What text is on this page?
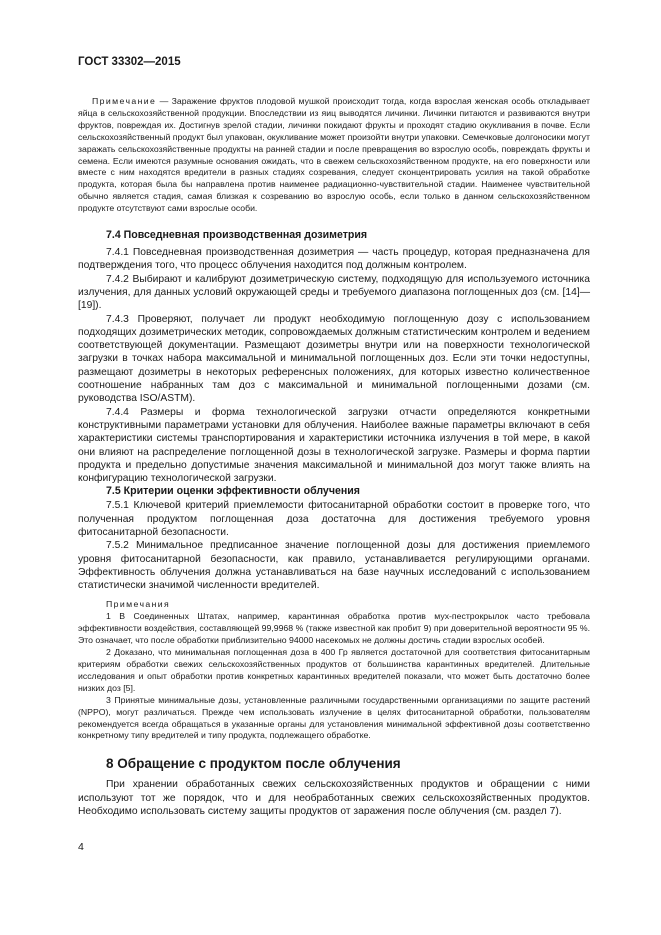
ГОСТ 33302—2015

Примечание — Заражение фруктов плодовой мушкой происходит тогда, когда взрослая женская особь откладывает яйца в сельскохозяйственной продукции. Впоследствии из яиц выводятся личинки. Личинки питаются и развиваются внутри фруктов, повреждая их. Достигнув зрелой стадии, личинки покидают фрукты и проходят стадию окукливания в почве. Если сельскохозяйственный продукт был упакован, окукливание может произойти внутри упаковки. Семечковые долгоносики могут заражать сельскохозяйственные продукты на ранней стадии и после превращения во взрослую особь, повреждать фрукты и семена. Если имеются разумные основания ожидать, что в свежем сельскохозяйственном продукте, на его поверхности или вместе с ним находятся вредители в разных стадиях созревания, следует сконцентрировать усилия на такой обработке продукта, которая была бы направлена против наименее радиационно-чувствительной стадии. Наименее чувствительной обычно является стадия, самая близкая к созреванию во взрослую особь, если только в данном сельскохозяйственном продукте отсутствуют сами взрослые особи.

7.4 Повседневная производственная дозиметрия

7.4.1 Повседневная производственная дозиметрия — часть процедур, которая предназначена для подтверждения того, что процесс облучения находится под должным контролем.

7.4.2 Выбирают и калибруют дозиметрическую систему, подходящую для используемого источника излучения, для данных условий окружающей среды и требуемого диапазона поглощенных доз (см. [14]—[19]).

7.4.3 Проверяют, получает ли продукт необходимую поглощенную дозу с использованием подходящих дозиметрических методик, сопровождаемых должным статистическим контролем и ведением соответствующей документации. Размещают дозиметры внутри или на поверхности технологической загрузки в точках набора максимальной и минимальной поглощенных доз. Если эти точки недоступны, размещают дозиметры в некоторых референсных положениях, для которых известно количественное соотношение набранных там доз с максимальной и минимальной поглощенными дозами (см. руководства ISO/ASTM).

7.4.4 Размеры и форма технологической загрузки отчасти определяются конкретными конструктивными параметрами установки для облучения. Наиболее важные параметры включают в себя характеристики системы транспортирования и характеристики источника излучения в той мере, в какой они влияют на распределение поглощенной дозы в технологической загрузке. Размеры и форма партии продукта и предельно допустимые значения максимальной и минимальной доз могут также влиять на конфигурацию технологической загрузки.

7.5 Критерии оценки эффективности облучения

7.5.1 Ключевой критерий приемлемости фитосанитарной обработки состоит в проверке того, что полученная продуктом поглощенная доза достаточна для достижения требуемого уровня фитосанитарной безопасности.

7.5.2 Минимальное предписанное значение поглощенной дозы для достижения приемлемого уровня фитосанитарной безопасности, как правило, устанавливается регулирующими органами. Эффективность облучения должна устанавливаться на базе научных исследований с использованием статистически значимой численности вредителей.

Примечания

1 В Соединенных Штатах, например, карантинная обработка против мух-пестрокрылок часто требовала эффективности воздействия, составляющей 99,9968 % (также известной как пробит 9) при доверительной вероятности 95 %. Это означает, что после обработки приблизительно 94000 насекомых не должны достичь стадии взрослых особей.

2 Доказано, что минимальная поглощенная доза в 400 Гр является достаточной для соответствия фитосанитарным критериям обработки свежих сельскохозяйственных продуктов от большинства карантинных вредителей. Длительные исследования и опыт обработки против конкретных карантинных вредителей показали, что может быть достаточно более низких доз [5].

3 Принятые минимальные дозы, установленные различными государственными организациями по защите растений (NPPO), могут различаться. Прежде чем использовать излучение в целях фитосанитарной обработки, пользователям рекомендуется всегда обращаться в указанные органы для установления минимальной эффективной дозы соответственно конкретному типу вредителей и типу продукта, подлежащего обработке.

8 Обращение с продуктом после облучения

При хранении обработанных свежих сельскохозяйственных продуктов и обращении с ними используют тот же порядок, что и для необработанных свежих сельскохозяйственных продуктов. Необходимо использовать систему защиты продуктов от заражения после облучения (см. раздел 7).

4
